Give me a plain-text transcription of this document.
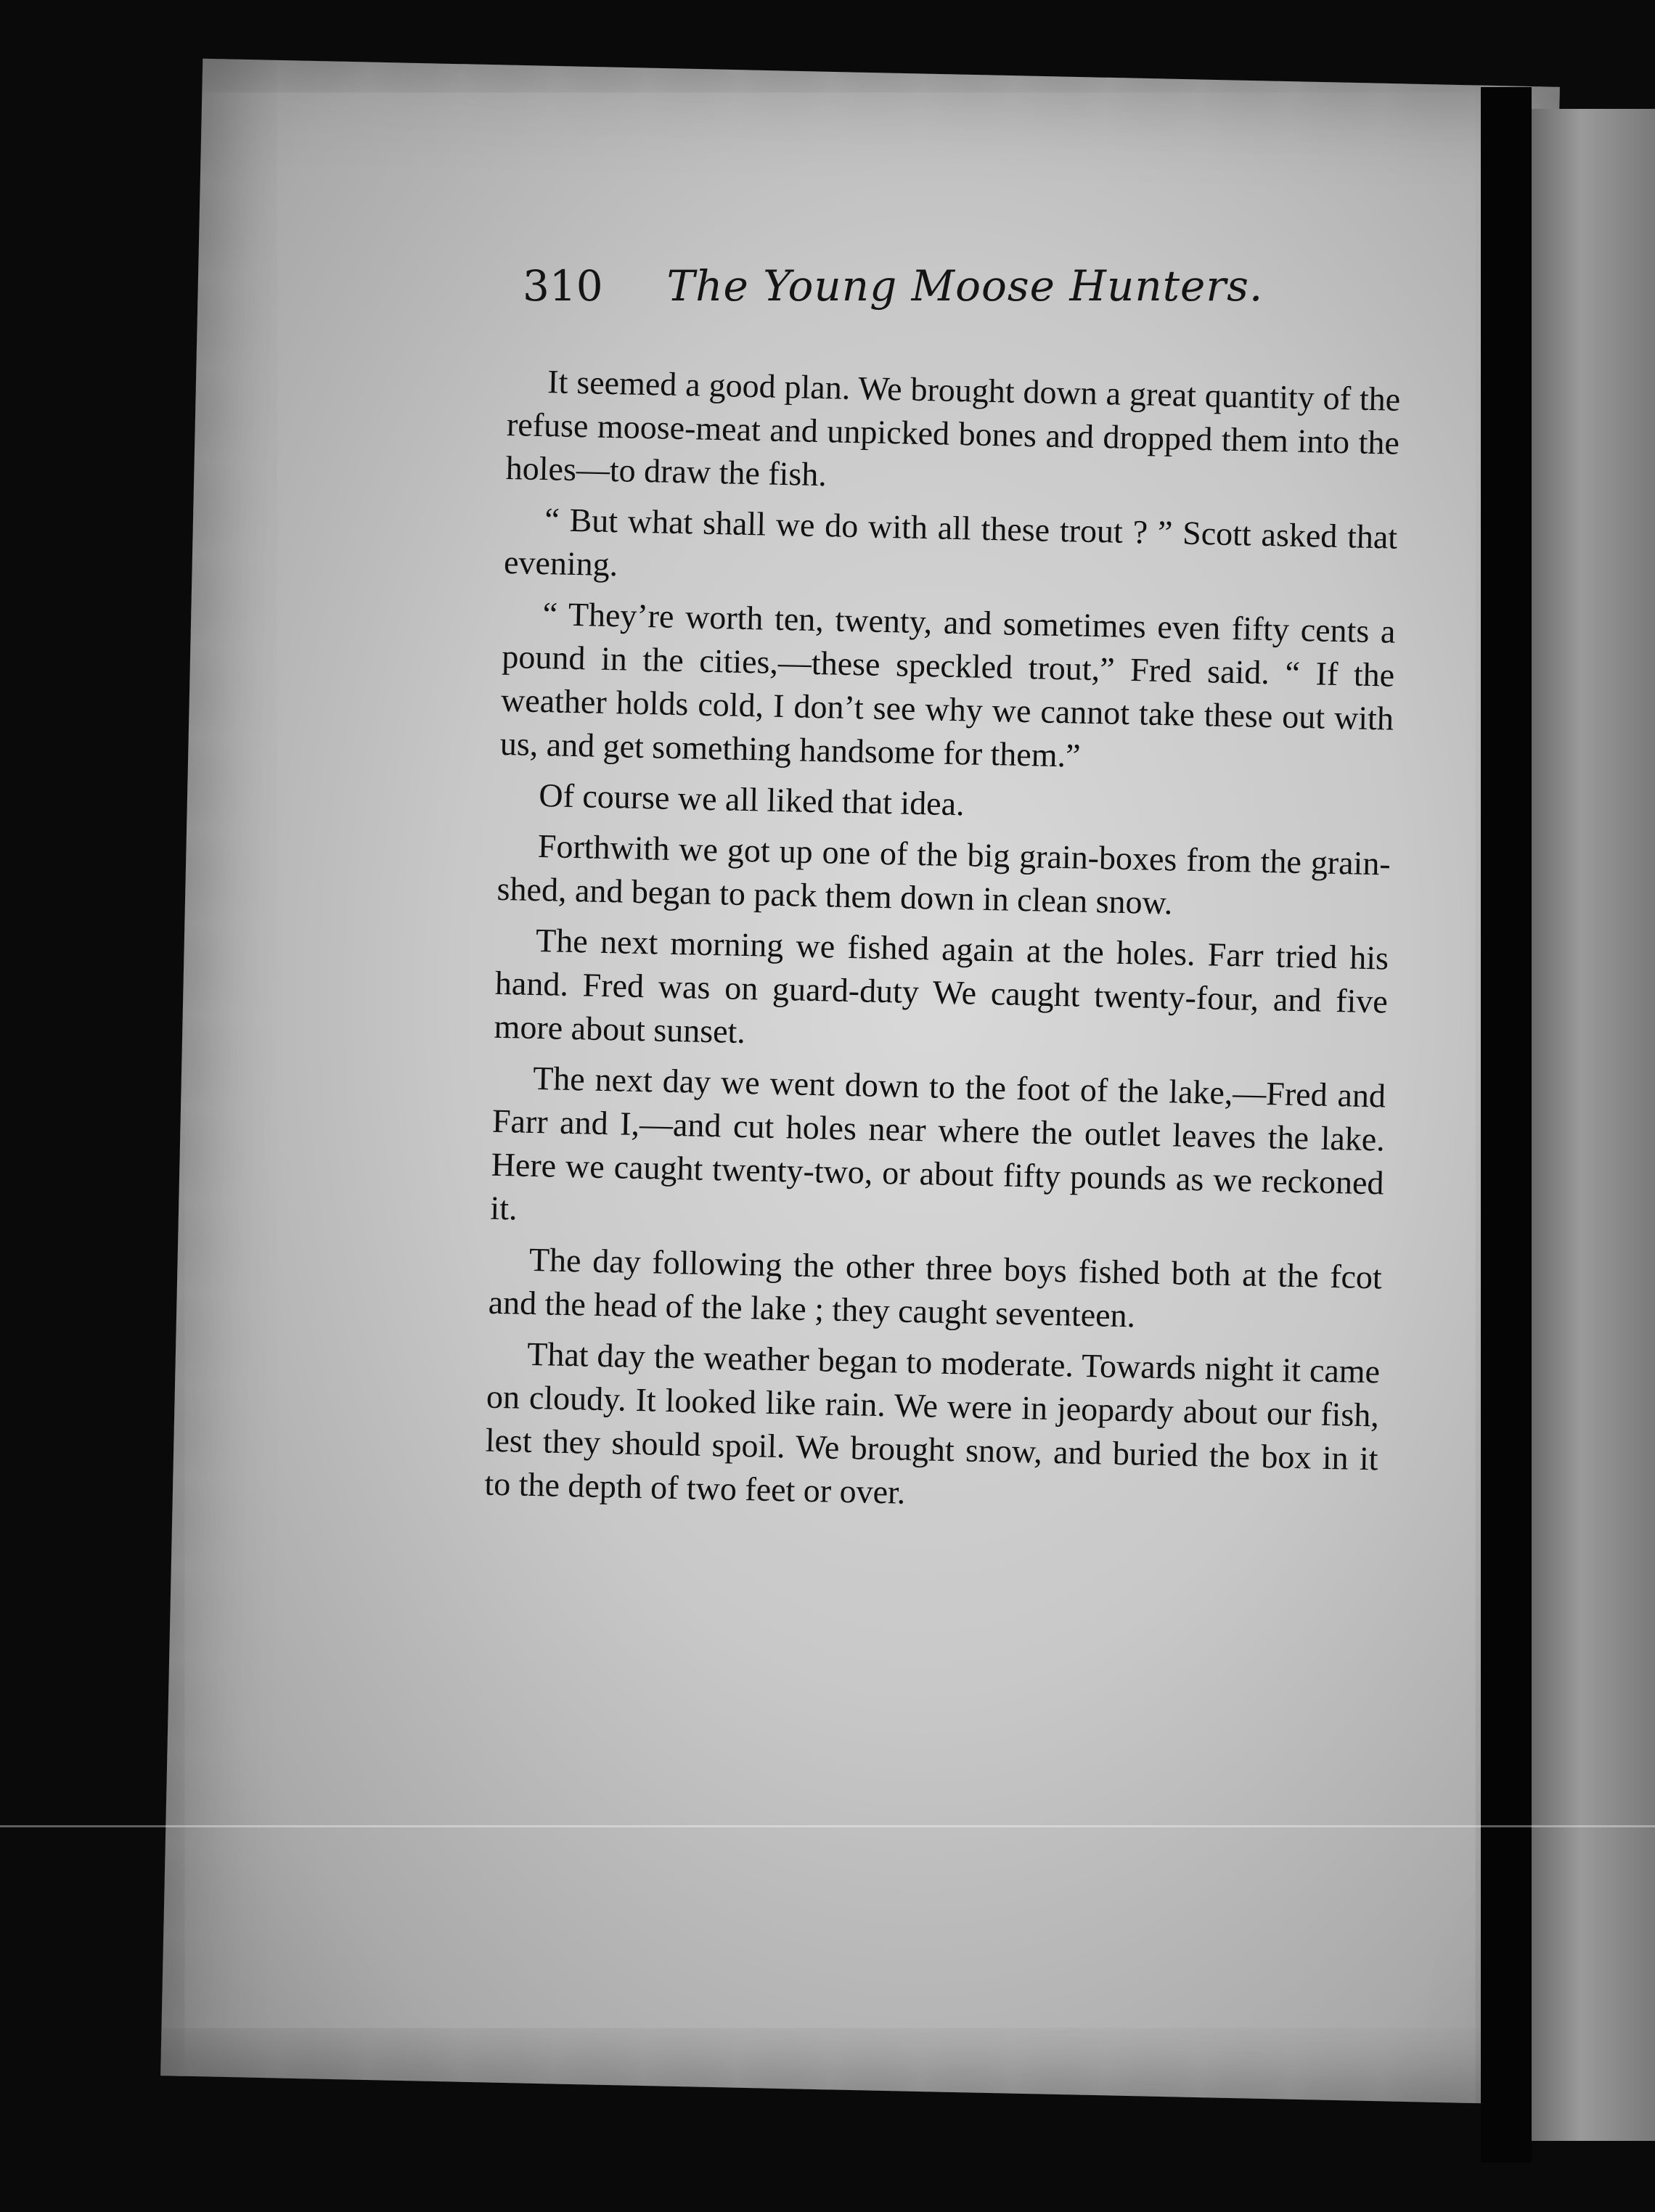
310 The Young Moose Hunters.

It seemed a good plan. We brought down a great quantity of the refuse moose-meat and unpicked bones and dropped them into the holes—to draw the fish.

“ But what shall we do with all these trout ? ” Scott asked that evening.

“ They’re worth ten, twenty, and sometimes even fifty cents a pound in the cities,—these speckled trout,” Fred said. “ If the weather holds cold, I don’t see why we cannot take these out with us, and get something handsome for them.”

Of course we all liked that idea.

Forthwith we got up one of the big grain-boxes from the grain-shed, and began to pack them down in clean snow.

The next morning we fished again at the holes. Farr tried his hand. Fred was on guard-duty We caught twenty-four, and five more about sunset.

The next day we went down to the foot of the lake,—Fred and Farr and I,—and cut holes near where the outlet leaves the lake. Here we caught twenty-two, or about fifty pounds as we reckoned it.

The day following the other three boys fished both at the fcot and the head of the lake ; they caught seventeen.

That day the weather began to moderate. Towards night it came on cloudy. It looked like rain. We were in jeopardy about our fish, lest they should spoil. We brought snow, and buried the box in it to the depth of two feet or over.
